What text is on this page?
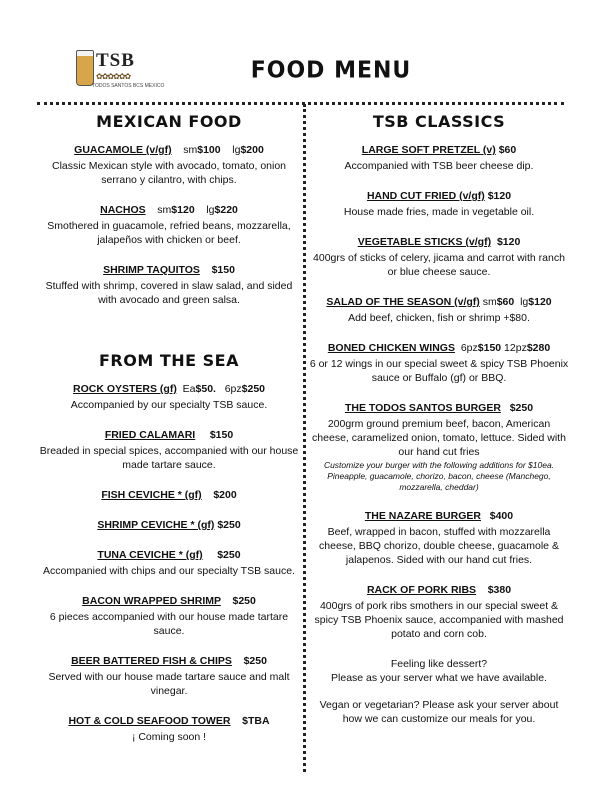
TSB
✿✿✿✿✿✿
TODOS SANTOS BCS MEXICO
FOOD MENU
MEXICAN FOOD
GUACAMOLE (v/gf) sm$100 lg$200

Classic Mexican style with avocado, tomato, onion serrano y cilantro, with chips.

NACHOS sm$120 lg$220

Smothered in guacamole, refried beans, mozzarella, jalapeños with chicken or beef.

SHRIMP TAQUITOS $150

Stuffed with shrimp, covered in slaw salad, and sided with avocado and green salsa.

FROM THE SEA
ROCK OYSTERS (gf) Ea$50. 6pz$250

Accompanied by our specialty TSB sauce.

FRIED CALAMARI $150

Breaded in special spices, accompanied with our house made tartare sauce.

FISH CEVICHE * (gf) $200
SHRIMP CEVICHE * (gf) $250
TUNA CEVICHE * (gf) $250

Accompanied with chips and our specialty TSB sauce.

BACON WRAPPED SHRIMP $250

6 pieces accompanied with our house made tartare sauce.

BEER BATTERED FISH & CHIPS $250

Served with our house made tartare sauce and malt vinegar.

HOT & COLD SEAFOOD TOWER $TBA

¡ Coming soon !

TSB CLASSICS
LARGE SOFT PRETZEL (v) $60

Accompanied with TSB beer cheese dip.

HAND CUT FRIED (v/gf) $120

House made fries, made in vegetable oil.

VEGETABLE STICKS (v/gf) $120

400grs of sticks of celery, jicama and carrot with ranch or blue cheese sauce.

SALAD OF THE SEASON (v/gf) sm$60 lg$120

Add beef, chicken, fish or shrimp +$80.

BONED CHICKEN WINGS 6pz$150 12pz$280

6 or 12 wings in our special sweet & spicy TSB Phoenix sauce or Buffalo (gf) or BBQ.

THE TODOS SANTOS BURGER $250

200grm ground premium beef, bacon, American cheese, caramelized onion, tomato, lettuce. Sided with our hand cut fries

Customize your burger with the following additions for $10ea. Pineapple, guacamole, chorizo, bacon, cheese (Manchego, mozzarella, cheddar)

THE NAZARE BURGER $400

Beef, wrapped in bacon, stuffed with mozzarella cheese, BBQ chorizo, double cheese, guacamole & jalapenos. Sided with our hand cut fries.

RACK OF PORK RIBS $380

400grs of pork ribs smothers in our special sweet & spicy TSB Phoenix sauce, accompanied with mashed potato and corn cob.

Feeling like dessert?
Please as your server what we have available.
Vegan or vegetarian? Please ask your server about how we can customize our meals for you.
